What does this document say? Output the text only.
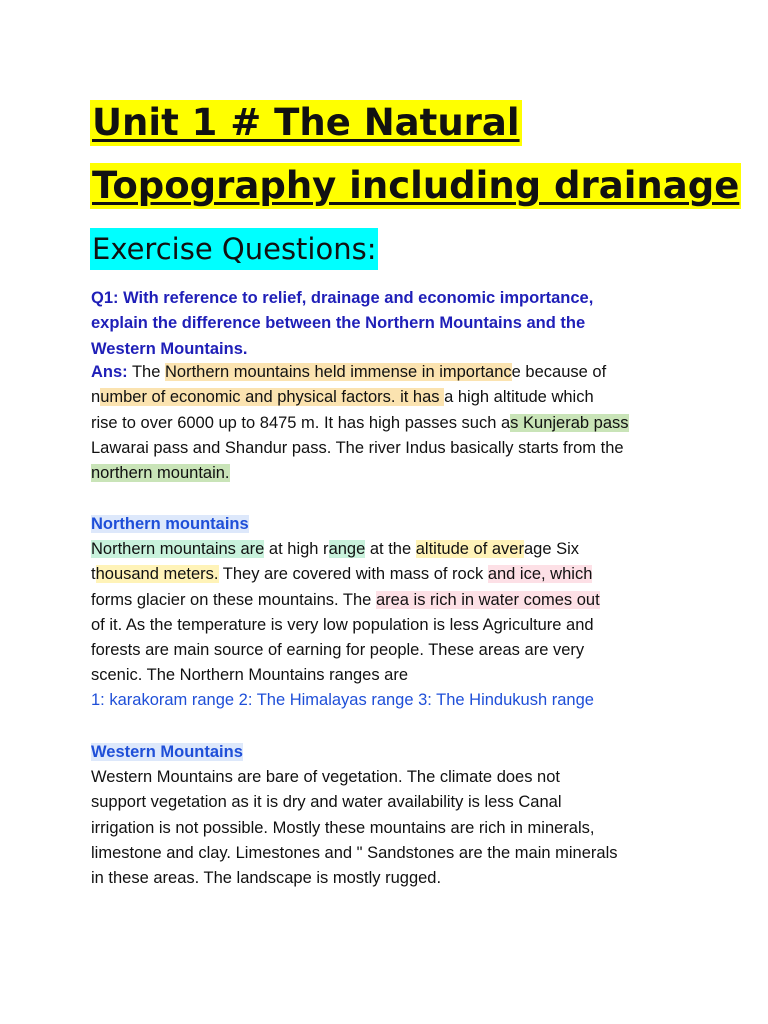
Unit 1 # The Natural
Topography including drainage
Exercise Questions:
Q1: With reference to relief, drainage and economic importance,
explain the difference between the Northern Mountains and the
Western Mountains.
Ans: The Northern mountains held immense in importance because of
number of economic and physical factors. it has a high altitude which
rise to over 6000 up to 8475 m. It has high passes such as Kunjerab pass
Lawarai pass and Shandur pass. The river Indus basically starts from the
northern mountain.
Northern mountains
Northern mountains are at high range at the altitude of average Six
thousand meters. They are covered with mass of rock and ice, which
forms glacier on these mountains. The area is rich in water comes out
of it. As the temperature is very low population is less Agriculture and
forests are main source of earning for people. These areas are very
scenic. The Northern Mountains ranges are
1: karakoram range 2: The Himalayas range 3: The Hindukush range
Western Mountains
Western Mountains are bare of vegetation. The climate does not
support vegetation as it is dry and water availability is less Canal
irrigation is not possible. Mostly these mountains are rich in minerals,
limestone and clay. Limestones and " Sandstones are the main minerals
in these areas. The landscape is mostly rugged.
